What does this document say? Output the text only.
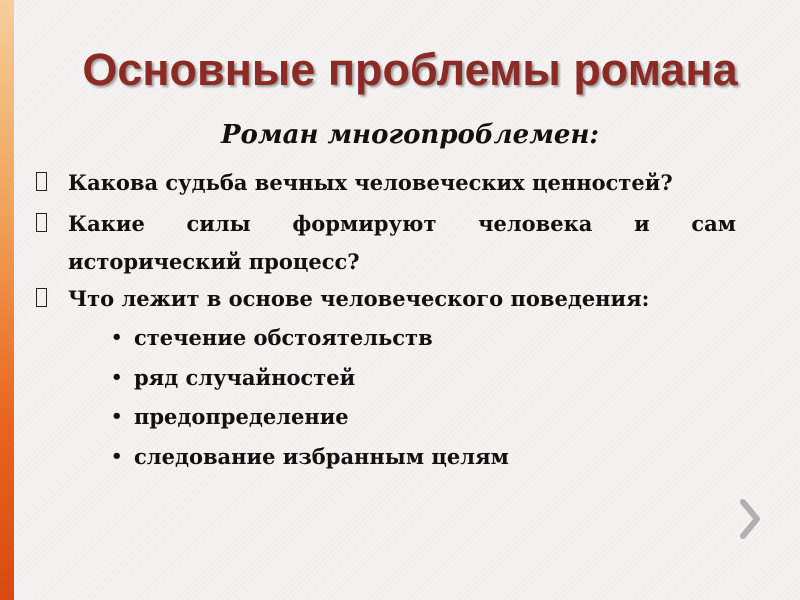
Основные проблемы романа
Роман многопроблемен:
Какова судьба вечных человеческих ценностей?
Какие силы формируют человека и сам
исторический процесс?
Что лежит в основе человеческого поведения:
• стечение обстоятельств
• ряд случайностей
• предопределение
• следование избранным целям
